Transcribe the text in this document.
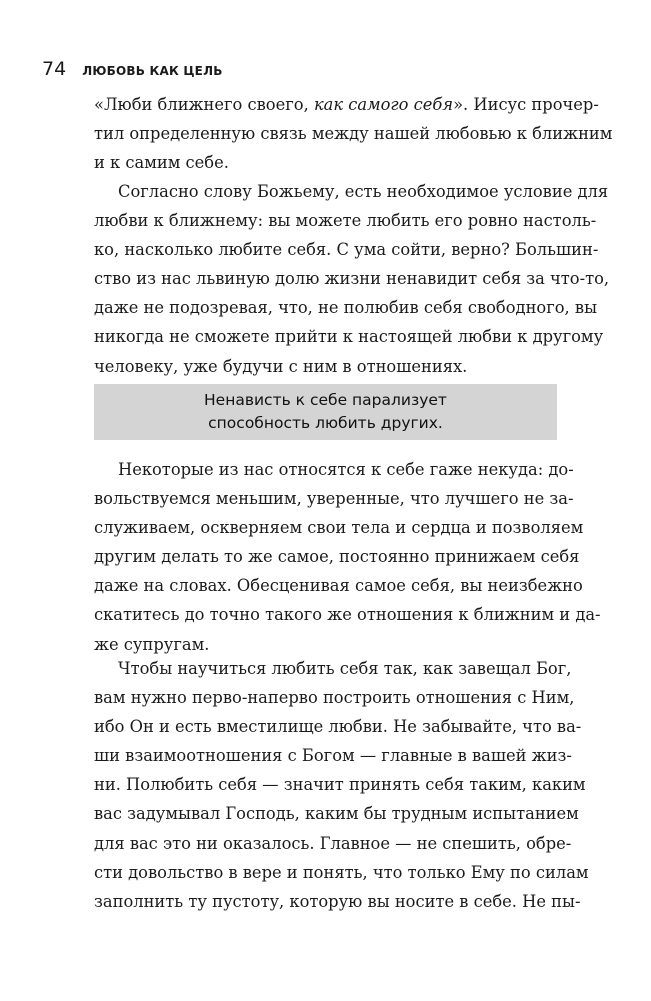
74 ЛЮБОВЬ КАК ЦЕЛЬ
«Люби ближнего своего, как самого себя». Иисус прочер-
тил определенную связь между нашей любовью к ближним
и к самим себе.
Согласно слову Божьему, есть необходимое условие для
любви к ближнему: вы можете любить его ровно настоль-
ко, насколько любите себя. С ума сойти, верно? Большин-
ство из нас львиную долю жизни ненавидит себя за что-то,
даже не подозревая, что, не полюбив себя свободного, вы
никогда не сможете прийти к настоящей любви к другому
человеку, уже будучи с ним в отношениях.
Ненависть к себе парализует
способность любить других.
Некоторые из нас относятся к себе гаже некуда: до-
вольствуемся меньшим, уверенные, что лучшего не за-
служиваем, оскверняем свои тела и сердца и позволяем
другим делать то же самое, постоянно принижаем себя
даже на словах. Обесценивая самое себя, вы неизбежно
скатитесь до точно такого же отношения к ближним и да-
же супругам.
Чтобы научиться любить себя так, как завещал Бог,
вам нужно перво-наперво построить отношения с Ним,
ибо Он и есть вместилище любви. Не забывайте, что ва-
ши взаимоотношения с Богом — главные в вашей жиз-
ни. Полюбить себя — значит принять себя таким, каким
вас задумывал Господь, каким бы трудным испытанием
для вас это ни оказалось. Главное — не спешить, обре-
сти довольство в вере и понять, что только Ему по силам
заполнить ту пустоту, которую вы носите в себе. Не пы-
